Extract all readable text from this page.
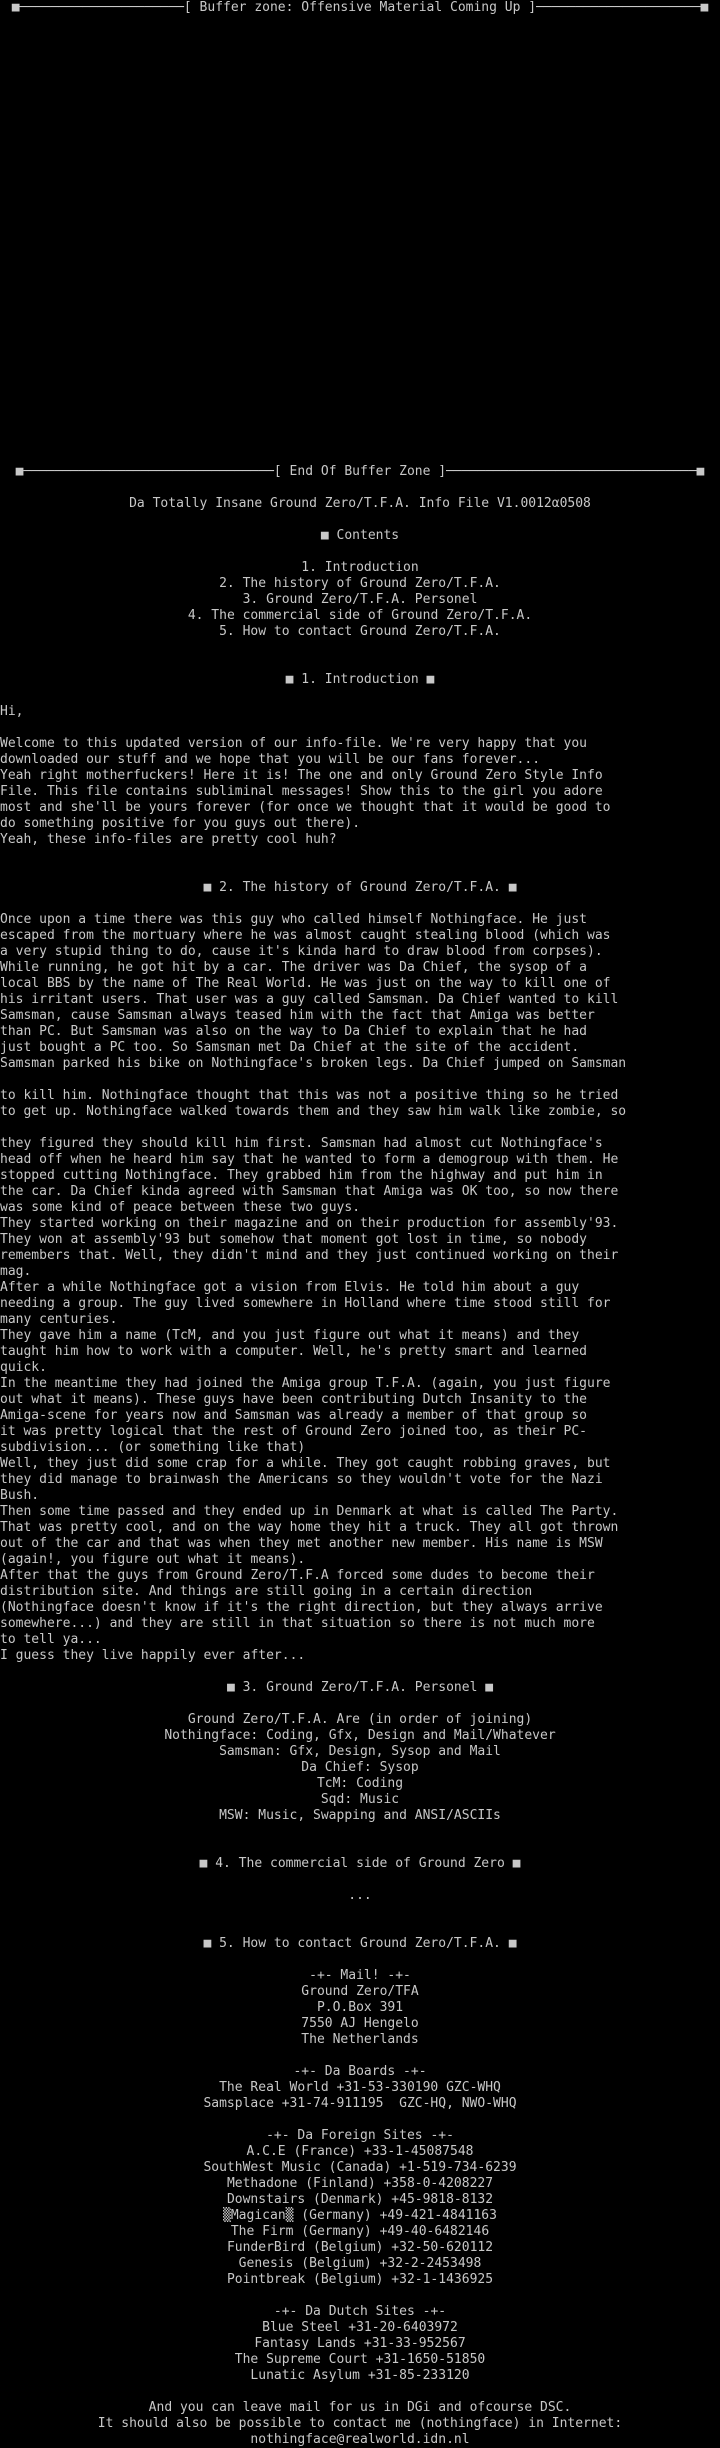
■─────────────────────[ Buffer zone: Offensive Material Coming Up ]─────────────────────■
■────────────────────────────────[ End Of Buffer Zone ]────────────────────────────────■
Da Totally Insane Ground Zero/T.F.A. Info File V1.0012α0508
■ Contents
1. Introduction
2. The history of Ground Zero/T.F.A.
3. Ground Zero/T.F.A. Personel
4. The commercial side of Ground Zero/T.F.A.
5. How to contact Ground Zero/T.F.A.
■ 1. Introduction ■
Hi,
Welcome to this updated version of our info-file. We're very happy that you
downloaded our stuff and we hope that you will be our fans forever...
Yeah right motherfuckers! Here it is! The one and only Ground Zero Style Info
File. This file contains subliminal messages! Show this to the girl you adore
most and she'll be yours forever (for once we thought that it would be good to
do something positive for you guys out there).
Yeah, these info-files are pretty cool huh?
■ 2. The history of Ground Zero/T.F.A. ■
Once upon a time there was this guy who called himself Nothingface. He just
escaped from the mortuary where he was almost caught stealing blood (which was
a very stupid thing to do, cause it's kinda hard to draw blood from corpses).
While running, he got hit by a car. The driver was Da Chief, the sysop of a
local BBS by the name of The Real World. He was just on the way to kill one of
his irritant users. That user was a guy called Samsman. Da Chief wanted to kill
Samsman, cause Samsman always teased him with the fact that Amiga was better
than PC. But Samsman was also on the way to Da Chief to explain that he had
just bought a PC too. So Samsman met Da Chief at the site of the accident.
Samsman parked his bike on Nothingface's broken legs. Da Chief jumped on Samsman
to kill him. Nothingface thought that this was not a positive thing so he tried
to get up. Nothingface walked towards them and they saw him walk like zombie, so
they figured they should kill him first. Samsman had almost cut Nothingface's
head off when he heard him say that he wanted to form a demogroup with them. He
stopped cutting Nothingface. They grabbed him from the highway and put him in
the car. Da Chief kinda agreed with Samsman that Amiga was OK too, so now there
was some kind of peace between these two guys.
They started working on their magazine and on their production for assembly'93.
They won at assembly'93 but somehow that moment got lost in time, so nobody
remembers that. Well, they didn't mind and they just continued working on their
mag.
After a while Nothingface got a vision from Elvis. He told him about a guy
needing a group. The guy lived somewhere in Holland where time stood still for
many centuries.
They gave him a name (TcM, and you just figure out what it means) and they
taught him how to work with a computer. Well, he's pretty smart and learned
quick.
In the meantime they had joined the Amiga group T.F.A. (again, you just figure
out what it means). These guys have been contributing Dutch Insanity to the
Amiga-scene for years now and Samsman was already a member of that group so
it was pretty logical that the rest of Ground Zero joined too, as their PC-
subdivision... (or something like that)
Well, they just did some crap for a while. They got caught robbing graves, but
they did manage to brainwash the Americans so they wouldn't vote for the Nazi
Bush.
Then some time passed and they ended up in Denmark at what is called The Party.
That was pretty cool, and on the way home they hit a truck. They all got thrown
out of the car and that was when they met another new member. His name is MSW
(again!, you figure out what it means).
After that the guys from Ground Zero/T.F.A forced some dudes to become their
distribution site. And things are still going in a certain direction
(Nothingface doesn't know if it's the right direction, but they always arrive
somewhere...) and they are still in that situation so there is not much more
to tell ya...
I guess they live happily ever after...
■ 3. Ground Zero/T.F.A. Personel ■
Ground Zero/T.F.A. Are (in order of joining)
Nothingface: Coding, Gfx, Design and Mail/Whatever
Samsman: Gfx, Design, Sysop and Mail
Da Chief: Sysop
TcM: Coding
Sqd: Music
MSW: Music, Swapping and ANSI/ASCIIs
■ 4. The commercial side of Ground Zero ■
...
■ 5. How to contact Ground Zero/T.F.A. ■
-+- Mail! -+-
Ground Zero/TFA
P.O.Box 391
7550 AJ Hengelo
The Netherlands
-+- Da Boards -+-
The Real World +31-53-330190 GZC-WHQ
Samsplace +31-74-911195  GZC-HQ, NWO-WHQ
-+- Da Foreign Sites -+-
A.C.E (France) +33-1-45087548
SouthWest Music (Canada) +1-519-734-6239
Methadone (Finland) +358-0-4208227
Downstairs (Denmark) +45-9818-8132
▒Magican▒ (Germany) +49-421-4841163
The Firm (Germany) +49-40-6482146
FunderBird (Belgium) +32-50-620112
Genesis (Belgium) +32-2-2453498
Pointbreak (Belgium) +32-1-1436925
-+- Da Dutch Sites -+-
Blue Steel +31-20-6403972
Fantasy Lands +31-33-952567
The Supreme Court +31-1650-51850
Lunatic Asylum +31-85-233120
And you can leave mail for us in DGi and ofcourse DSC.
It should also be possible to contact me (nothingface) in Internet:
nothingface@realworld.idn.nl
